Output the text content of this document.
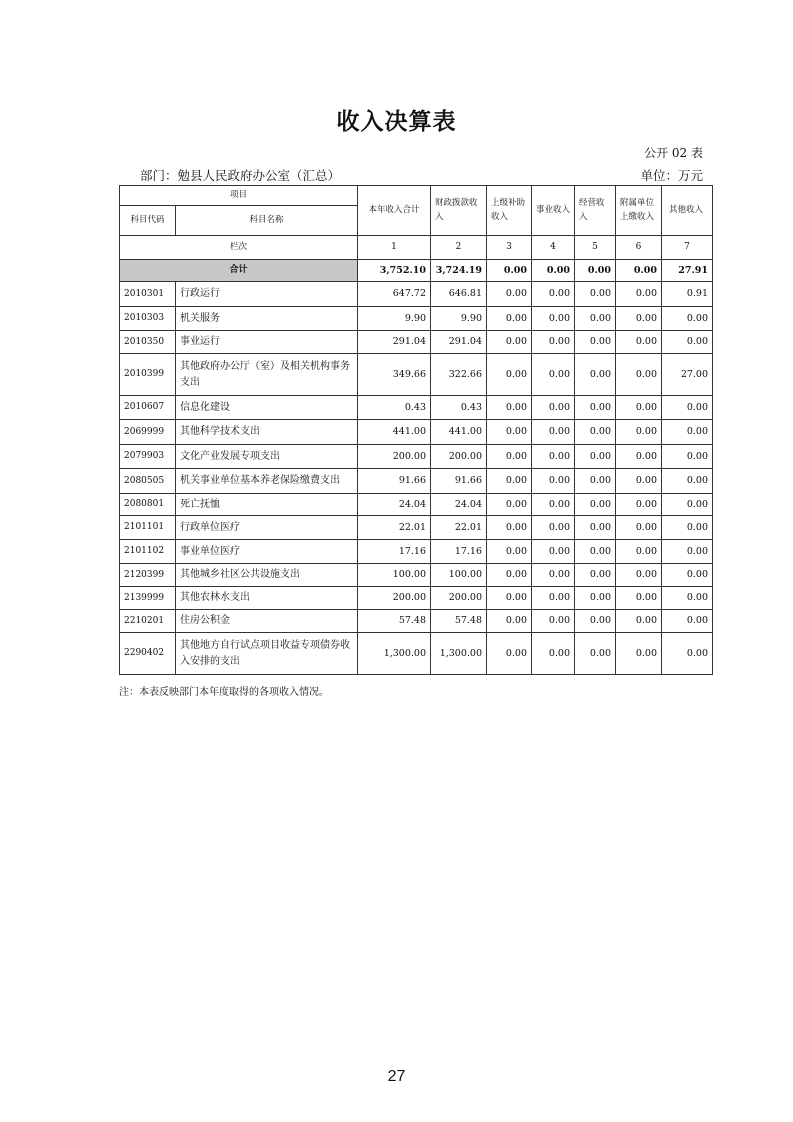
收入决算表
公开 02 表
部门：勉县人民政府办公室（汇总）	单位：万元
项目		本年收入合计	财政拨款收入	上级补助收入	事业收入	经营收入	附属单位上缴收入	其他收入
科目代码	科目名称							
栏次		1	2	3	4	5	6	7
合计		3,752.10	3,724.19	0.00	0.00	0.00	0.00	27.91
2010301	行政运行	647.72	646.81	0.00	0.00	0.00	0.00	0.91
2010303	机关服务	9.90	9.90	0.00	0.00	0.00	0.00	0.00
2010350	事业运行	291.04	291.04	0.00	0.00	0.00	0.00	0.00
2010399	其他政府办公厅（室）及相关机构事务支出	349.66	322.66	0.00	0.00	0.00	0.00	27.00
2010607	信息化建设	0.43	0.43	0.00	0.00	0.00	0.00	0.00
2069999	其他科学技术支出	441.00	441.00	0.00	0.00	0.00	0.00	0.00
2079903	文化产业发展专项支出	200.00	200.00	0.00	0.00	0.00	0.00	0.00
2080505	机关事业单位基本养老保险缴费支出	91.66	91.66	0.00	0.00	0.00	0.00	0.00
2080801	死亡抚恤	24.04	24.04	0.00	0.00	0.00	0.00	0.00
2101101	行政单位医疗	22.01	22.01	0.00	0.00	0.00	0.00	0.00
2101102	事业单位医疗	17.16	17.16	0.00	0.00	0.00	0.00	0.00
2120399	其他城乡社区公共设施支出	100.00	100.00	0.00	0.00	0.00	0.00	0.00
2139999	其他农林水支出	200.00	200.00	0.00	0.00	0.00	0.00	0.00
2210201	住房公积金	57.48	57.48	0.00	0.00	0.00	0.00	0.00
2290402	其他地方自行试点项目收益专项债券收入安排的支出	1,300.00	1,300.00	0.00	0.00	0.00	0.00	0.00
注：本表反映部门本年度取得的各项收入情况。
27
